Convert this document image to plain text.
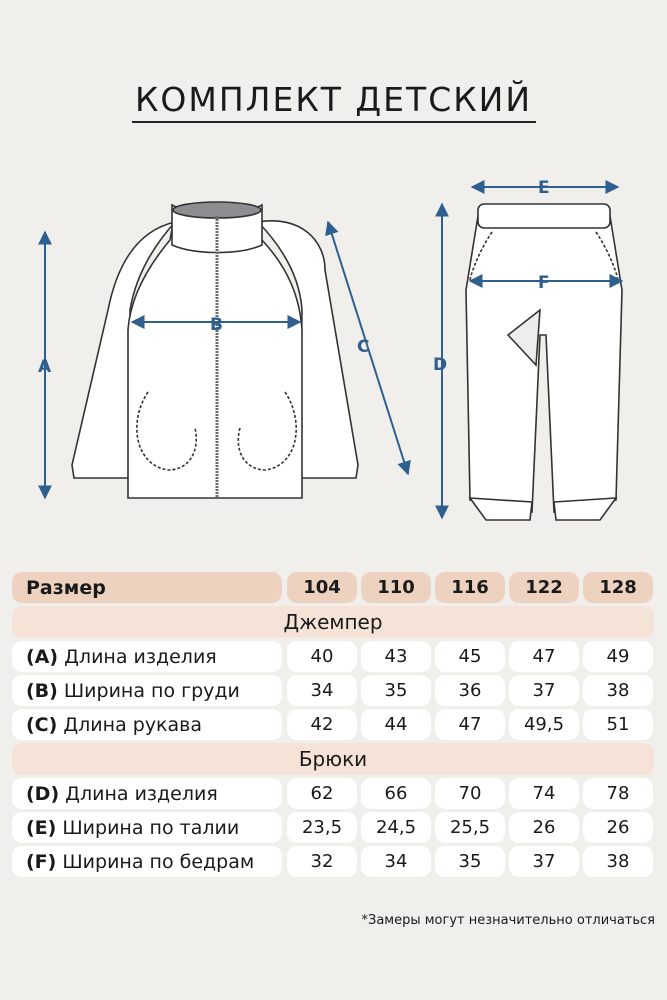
КОМПЛЕКТ ДЕТСКИЙ
A
B
C
E
F
D
Размер	104	110	116	122	128
Джемпер
(A) Длина изделия	40	43	45	47	49
(B) Ширина по груди	34	35	36	37	38
(C) Длина рукава	42	44	47	49,5	51
Брюки
(D) Длина изделия	62	66	70	74	78
(E) Ширина по талии	23,5	24,5	25,5	26	26
(F) Ширина по бедрам	32	34	35	37	38
*Замеры могут незначительно отличаться
